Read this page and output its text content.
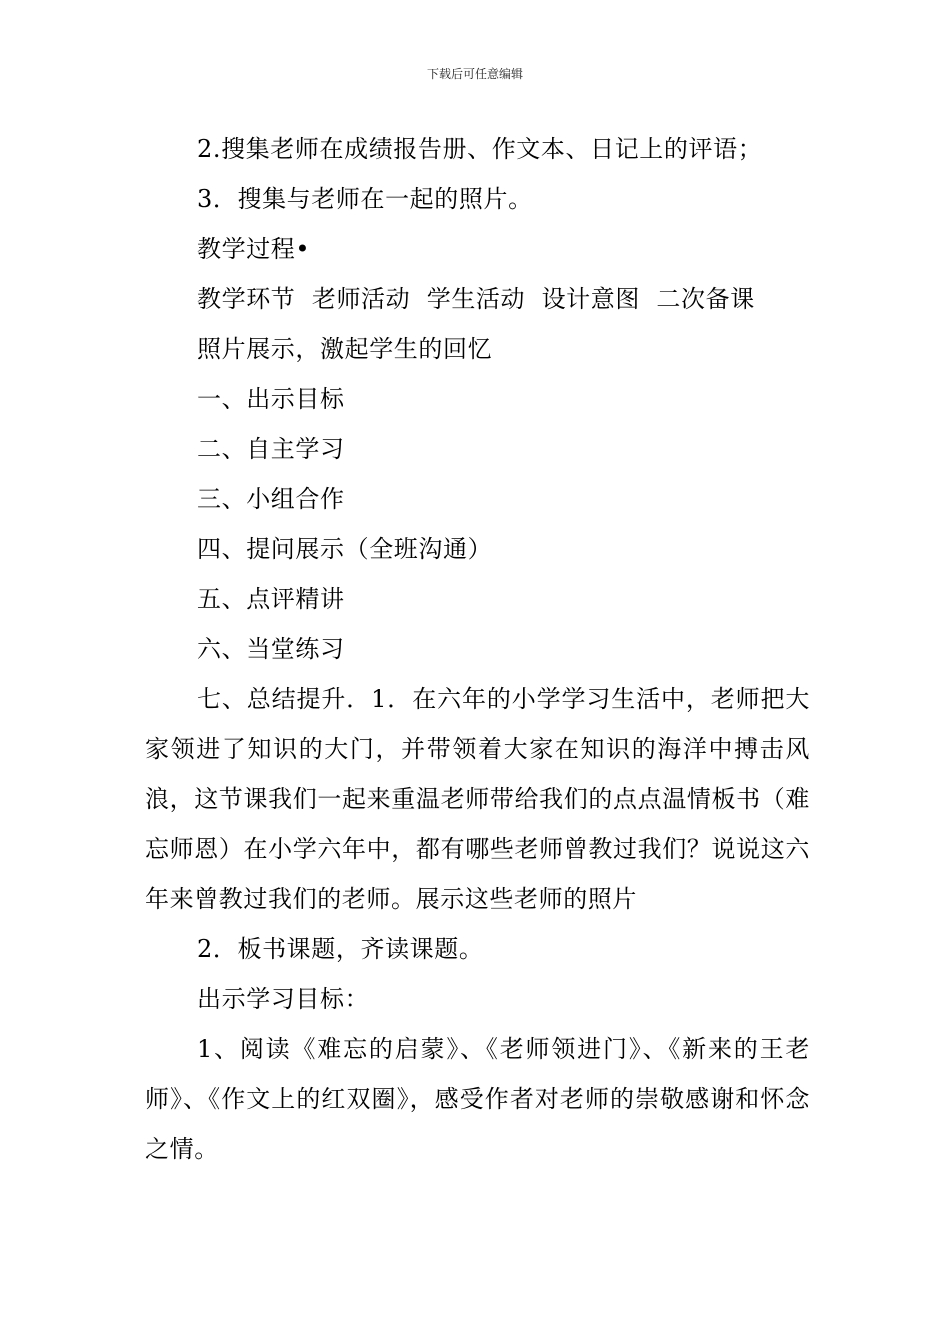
下载后可任意编辑

2.搜集老师在成绩报告册、作文本、日记上的评语；

3．搜集与老师在一起的照片。

教学过程•

教学环节  老师活动  学生活动  设计意图  二次备课

照片展示，激起学生的回忆

一、出示目标

二、自主学习

三、小组合作

四、提问展示（全班沟通）

五、点评精讲

六、当堂练习

七、总结提升．1．在六年的小学学习生活中，老师把大家领进了知识的大门，并带领着大家在知识的海洋中搏击风浪，这节课我们一起来重温老师带给我们的点点温情板书（难忘师恩）在小学六年中，都有哪些老师曾教过我们？说说这六年来曾教过我们的老师。展示这些老师的照片

2．板书课题，齐读课题。

出示学习目标：

1、阅读《难忘的启蒙》、《老师领进门》、《新来的王老师》、《作文上的红双圈》，感受作者对老师的崇敬感谢和怀念之情。
